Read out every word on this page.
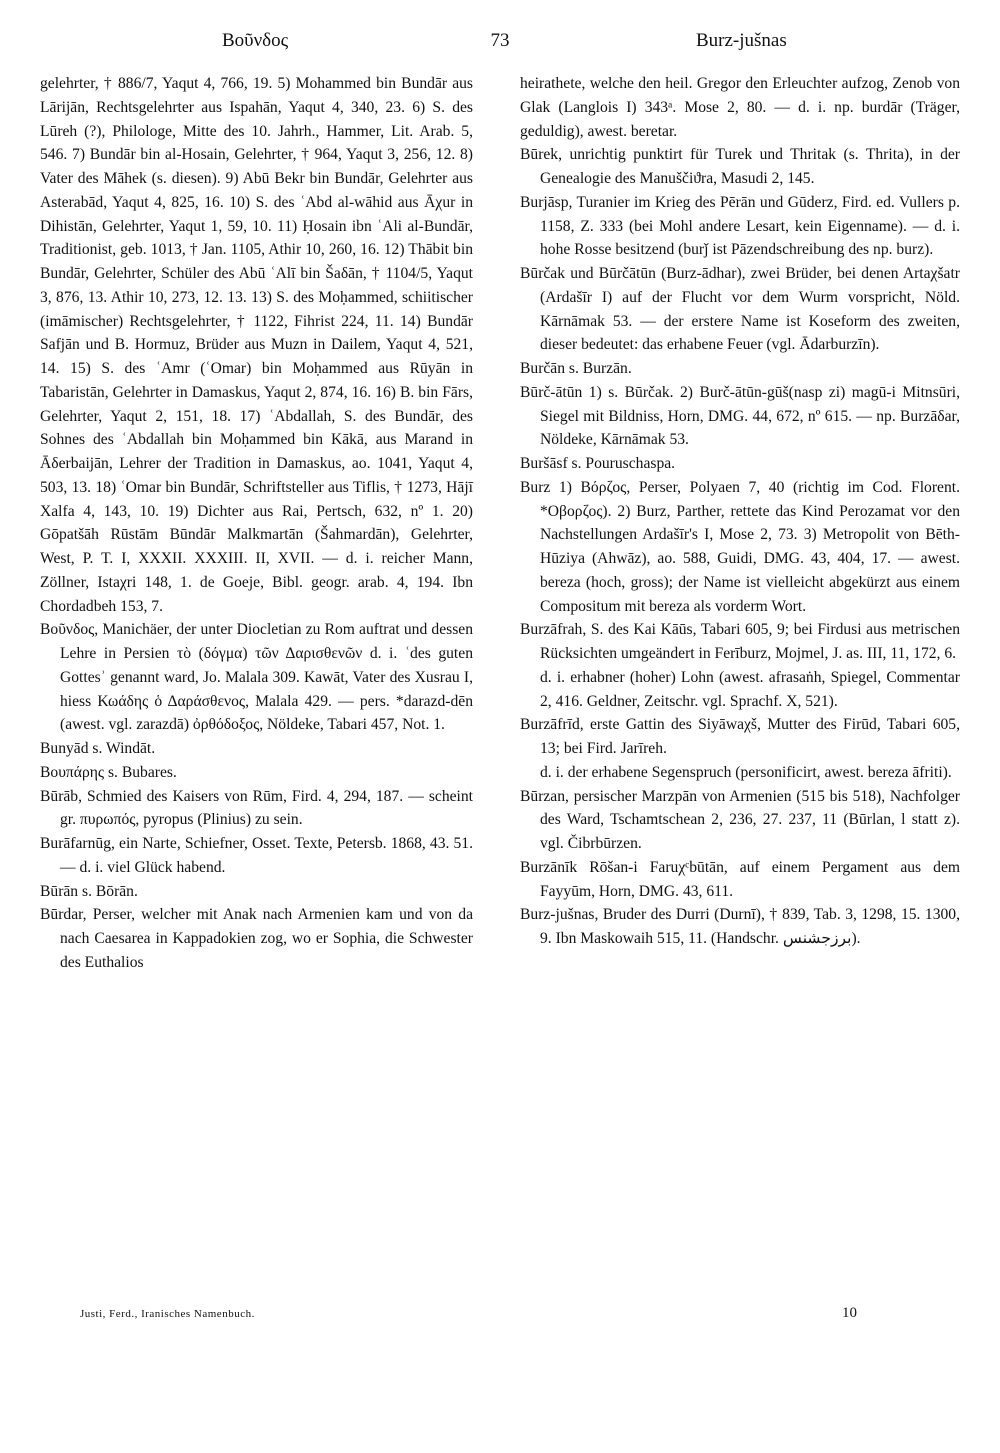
Βοῦνδος	73	Burz-jušnas

gelehrter, † 886/7, Yaqut 4, 766, 19. 5) Mohammed bin Bundār aus Lārijān, Rechtsgelehrter aus Ispahān, Yaqut 4, 340, 23. 6) S. des Lūreh (?), Philologe, Mitte des 10. Jahrh., Hammer, Lit. Arab. 5, 546. 7) Bundār bin al-Hosain, Gelehrter, † 964, Yaqut 3, 256, 12. 8) Vater des Māhek (s. diesen). 9) Abū Bekr bin Bundār, Gelehrter aus Asterabād, Yaqut 4, 825, 16. 10) S. des ʿAbd al-wāhid aus Āχur in Dihistān, Gelehrter, Yaqut 1, 59, 10. 11) Ḥosain ibn ʿAli al-Bundār, Traditionist, geb. 1013, † Jan. 1105, Athir 10, 260, 16. 12) Thābit bin Bundār, Gelehrter, Schüler des Abū ʿAlī bin Šaδān, † 1104/5, Yaqut 3, 876, 13. Athir 10, 273, 12. 13. 13) S. des Moḥammed, schiitischer (imāmischer) Rechtsgelehrter, † 1122, Fihrist 224, 11. 14) Bundār Safjān und B. Hormuz, Brüder aus Muzn in Dailem, Yaqut 4, 521, 14. 15) S. des ʿAmr (ʿOmar) bin Moḥammed aus Rūyān in Tabaristān, Gelehrter in Damaskus, Yaqut 2, 874, 16. 16) B. bin Fārs, Gelehrter, Yaqut 2, 151, 18. 17) ʿAbdallah, S. des Bundār, des Sohnes des ʿAbdallah bin Moḥammed bin Kākā, aus Marand in Āδerbaijān, Lehrer der Tradition in Damaskus, ao. 1041, Yaqut 4, 503, 13. 18) ʿOmar bin Bundār, Schriftsteller aus Tiflis, † 1273, Hājī Xalfa 4, 143, 10. 19) Dichter aus Rai, Pertsch, 632, nº 1. 20) Gōpatšāh Rūstām Būndār Malkmartān (Šahmardān), Gelehrter, West, P. T. I, XXXII. XXXIII. II, XVII. — d. i. reicher Mann, Zöllner, Istaχri 148, 1. de Goeje, Bibl. geogr. arab. 4, 194. Ibn Chordadbeh 153, 7.

Βοῦνδος, Manichäer, der unter Diocletian zu Rom auftrat und dessen Lehre in Persien τὸ (δόγμα) τῶν Δαρισθενῶν d. i. ʿdes guten Gottesʾ genannt ward, Jo. Malala 309. Kawāt, Vater des Xusrau I, hiess Κωάδης ὁ Δαράσθενος, Malala 429. — pers. *darazd-dēn (awest. vgl. zarazdā) ὀρθόδοξος, Nöldeke, Tabari 457, Not. 1.

Bunyād s. Windāt.

Βουπάρης s. Bubares.

Būrāb, Schmied des Kaisers von Rūm, Fird. 4, 294, 187. — scheint gr. πυρωπός, pyropus (Plinius) zu sein.

Burāfarnūg, ein Narte, Schiefner, Osset. Texte, Petersb. 1868, 43. 51. — d. i. viel Glück habend.

Būrān s. Bōrān.

Būrdar, Perser, welcher mit Anak nach Armenien kam und von da nach Caesarea in Kappadokien zog, wo er Sophia, die Schwester des Euthalios

heirathete, welche den heil. Gregor den Erleuchter aufzog, Zenob von Glak (Langlois I) 343ᵃ. Mose 2, 80. — d. i. np. burdār (Träger, geduldig), awest. beretar.

Būrek, unrichtig punktirt für Turek und Thritak (s. Thrita), in der Genealogie des Manuščiϑra, Masudi 2, 145.

Burjāsp, Turanier im Krieg des Pērān und Gūderz, Fird. ed. Vullers p. 1158, Z. 333 (bei Mohl andere Lesart, kein Eigenname). — d. i. hohe Rosse besitzend (burǰ ist Pāzendschreibung des np. burz).

Būrčak und Būrčātūn (Burz-ādhar), zwei Brüder, bei denen Artaχšatr (Ardašīr I) auf der Flucht vor dem Wurm vorspricht, Nöld. Kārnāmak 53. — der erstere Name ist Koseform des zweiten, dieser bedeutet: das erhabene Feuer (vgl. Ādarburzīn).

Burčān s. Burzān.

Būrč-ātūn 1) s. Būrčak. 2) Burč-ātūn-gūš(nasp zi) magū-i Mitnsūri, Siegel mit Bildniss, Horn, DMG. 44, 672, nº 615. — np. Burzāδar, Nöldeke, Kārnāmak 53.

Buršāsf s. Pouruschaspa.

Burz 1) Βόρζος, Perser, Polyaen 7, 40 (richtig im Cod. Florent. *Οβορζος). 2) Burz, Parther, rettete das Kind Perozamat vor den Nachstellungen Ardašīr's I, Mose 2, 73. 3) Metropolit von Bēth-Hūziya (Ahwāz), ao. 588, Guidi, DMG. 43, 404, 17. — awest. bereza (hoch, gross); der Name ist vielleicht abgekürzt aus einem Compositum mit bereza als vorderm Wort.

Burzāfrah, S. des Kai Kāūs, Tabari 605, 9; bei Firdusi aus metrischen Rücksichten umgeändert in Ferīburz, Mojmel, J. as. III, 11, 172, 6.

d. i. erhabner (hoher) Lohn (awest. afrasaṅh, Spiegel, Commentar 2, 416. Geldner, Zeitschr. vgl. Sprachf. X, 521).

Burzāfrīd, erste Gattin des Siyāwaχš, Mutter des Firūd, Tabari 605, 13; bei Fird. Jarīreh.

d. i. der erhabene Segenspruch (personificirt, awest. bereza āfriti).

Būrzan, persischer Marzpān von Armenien (515 bis 518), Nachfolger des Ward, Tschamtschean 2, 236, 27. 237, 11 (Būrlan, l statt z). vgl. Čibrbūrzen.

Burzānīk Rōšan-i Faruχᶜbūtān, auf einem Pergament aus dem Fayyūm, Horn, DMG. 43, 611.

Burz-jušnas, Bruder des Durri (Durnī), † 839, Tab. 3, 1298, 15. 1300, 9. Ibn Maskowaih 515, 11. (Handschr. برزجشنس).

Justi, Ferd., Iranisches Namenbuch.	10
